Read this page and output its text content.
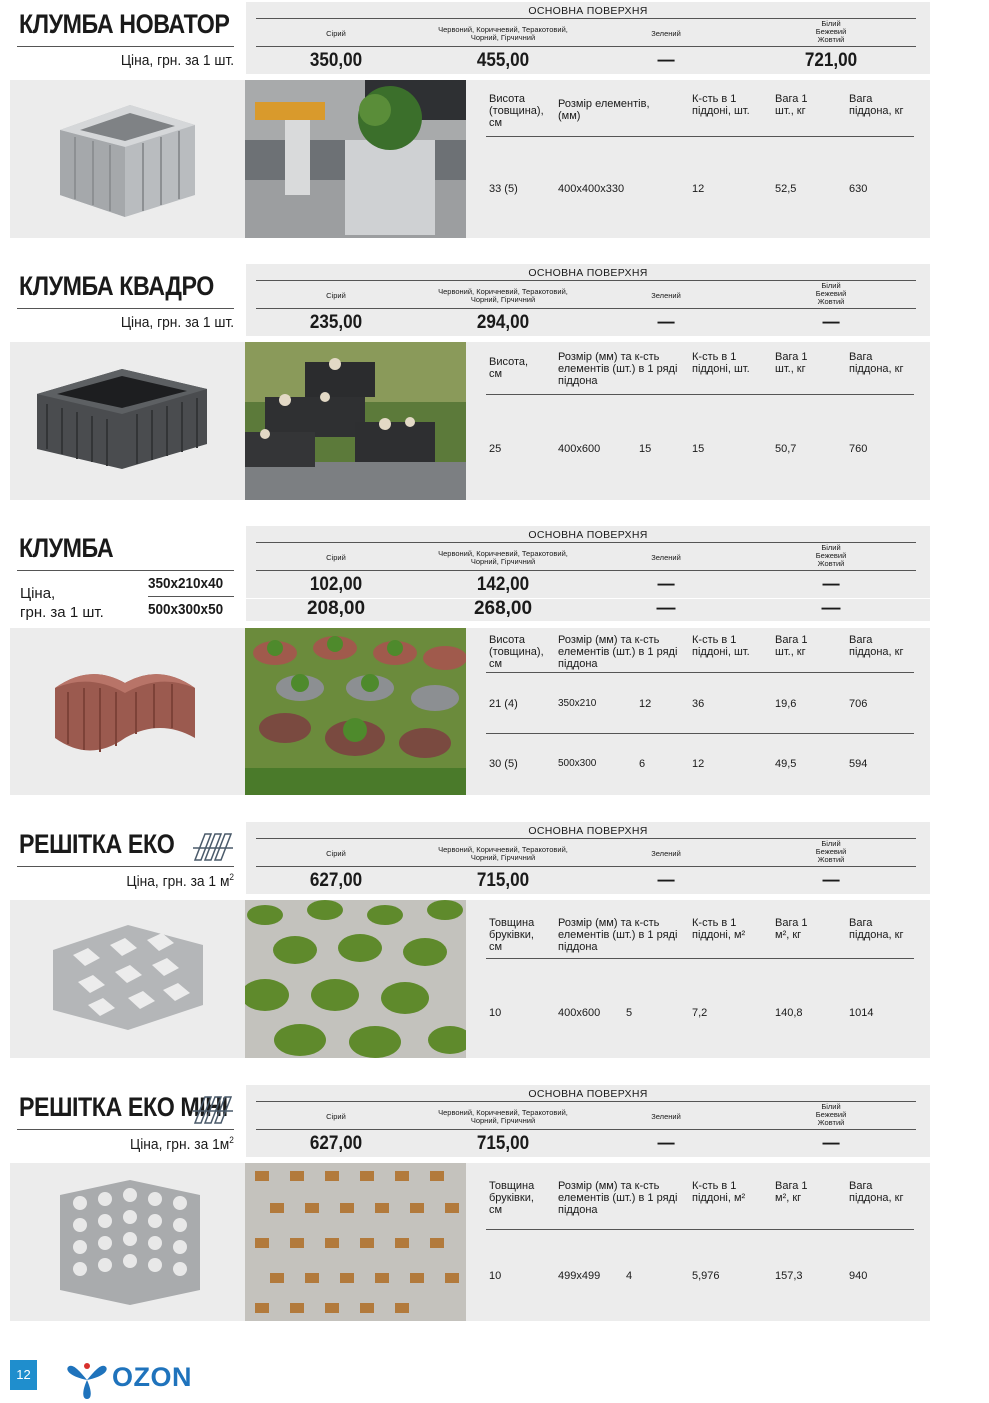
КЛУМБА НОВАТОР
Ціна, грн. за 1 шт.
ОСНОВНА ПОВЕРХНЯ
Сірий	Червоний, Коричневий, Теракотовий, Чорний, Гірчичний	Зелений
Білий Бежевий Жовтий
350,00	455,00	—	721,00
Висота (товщина), см
Розмір елементів, (мм)
К-сть в 1 піддоні, шт.
Вага 1 шт., кг
Вага піддона, кг
33 (5)	400x400x330	12	52,5	630
КЛУМБА КВАДРО
Ціна, грн. за 1 шт.
ОСНОВНА ПОВЕРХНЯ
Сірий	Червоний, Коричневий, Теракотовий, Чорний, Гірчичний	Зелений
Білий Бежевий Жовтий
235,00	294,00	—	—
Висота, см
Розмір (мм) та к-сть елементів (шт.) в 1 ряді піддона
К-сть в 1 піддоні, шт.
Вага 1 шт., кг
Вага піддона, кг
25	400x600	15	15	50,7	760
КЛУМБА
Ціна,
грн. за 1 шт.
350x210x40
500x300x50
ОСНОВНА ПОВЕРХНЯ
Сірий	Червоний, Коричневий, Теракотовий, Чорний, Гірчичний	Зелений
Білий Бежевий Жовтий
102,00	142,00	—	—
208,00	268,00	—	—
Висота (товщина), см
Розмір (мм) та к-сть елементів (шт.) в 1 ряді піддона
К-сть в 1 піддоні, шт.
Вага 1 шт., кг
Вага піддона, кг
21 (4)	350x210	12	36	19,6	706
30 (5)	500x300	6	12	49,5	594
РЕШІТКА ЕКО
Ціна, грн. за 1 $м^2$
ОСНОВНА ПОВЕРХНЯ
Сірий	Червоний, Коричневий, Теракотовий, Чорний, Гірчичний	Зелений
Білий Бежевий Жовтий
627,00	715,00	—	—
Товщина бруківки, см
Розмір (мм) та к-сть елементів (шт.) в 1 ряді піддона
К-сть в 1 піддоні, м²
Вага 1 м², кг
Вага піддона, кг
10	400x600 5	7,2	140,8	1014
РЕШІТКА ЕКО МІНІ
Ціна, грн. за $1м^2$
ОСНОВНА ПОВЕРХНЯ
Сірий	Червоний, Коричневий, Теракотовий, Чорний, Гірчичний	Зелений
Білий Бежевий Жовтий
627,00	715,00	—	—
Товщина бруківки, см
Розмір (мм) та к-сть елементів (шт.) в 1 ряді піддона
К-сть в 1 піддоні, м²
Вага 1 м², кг
Вага піддона, кг
10	499x499 4	5,976	157,3	940
12	OZON
